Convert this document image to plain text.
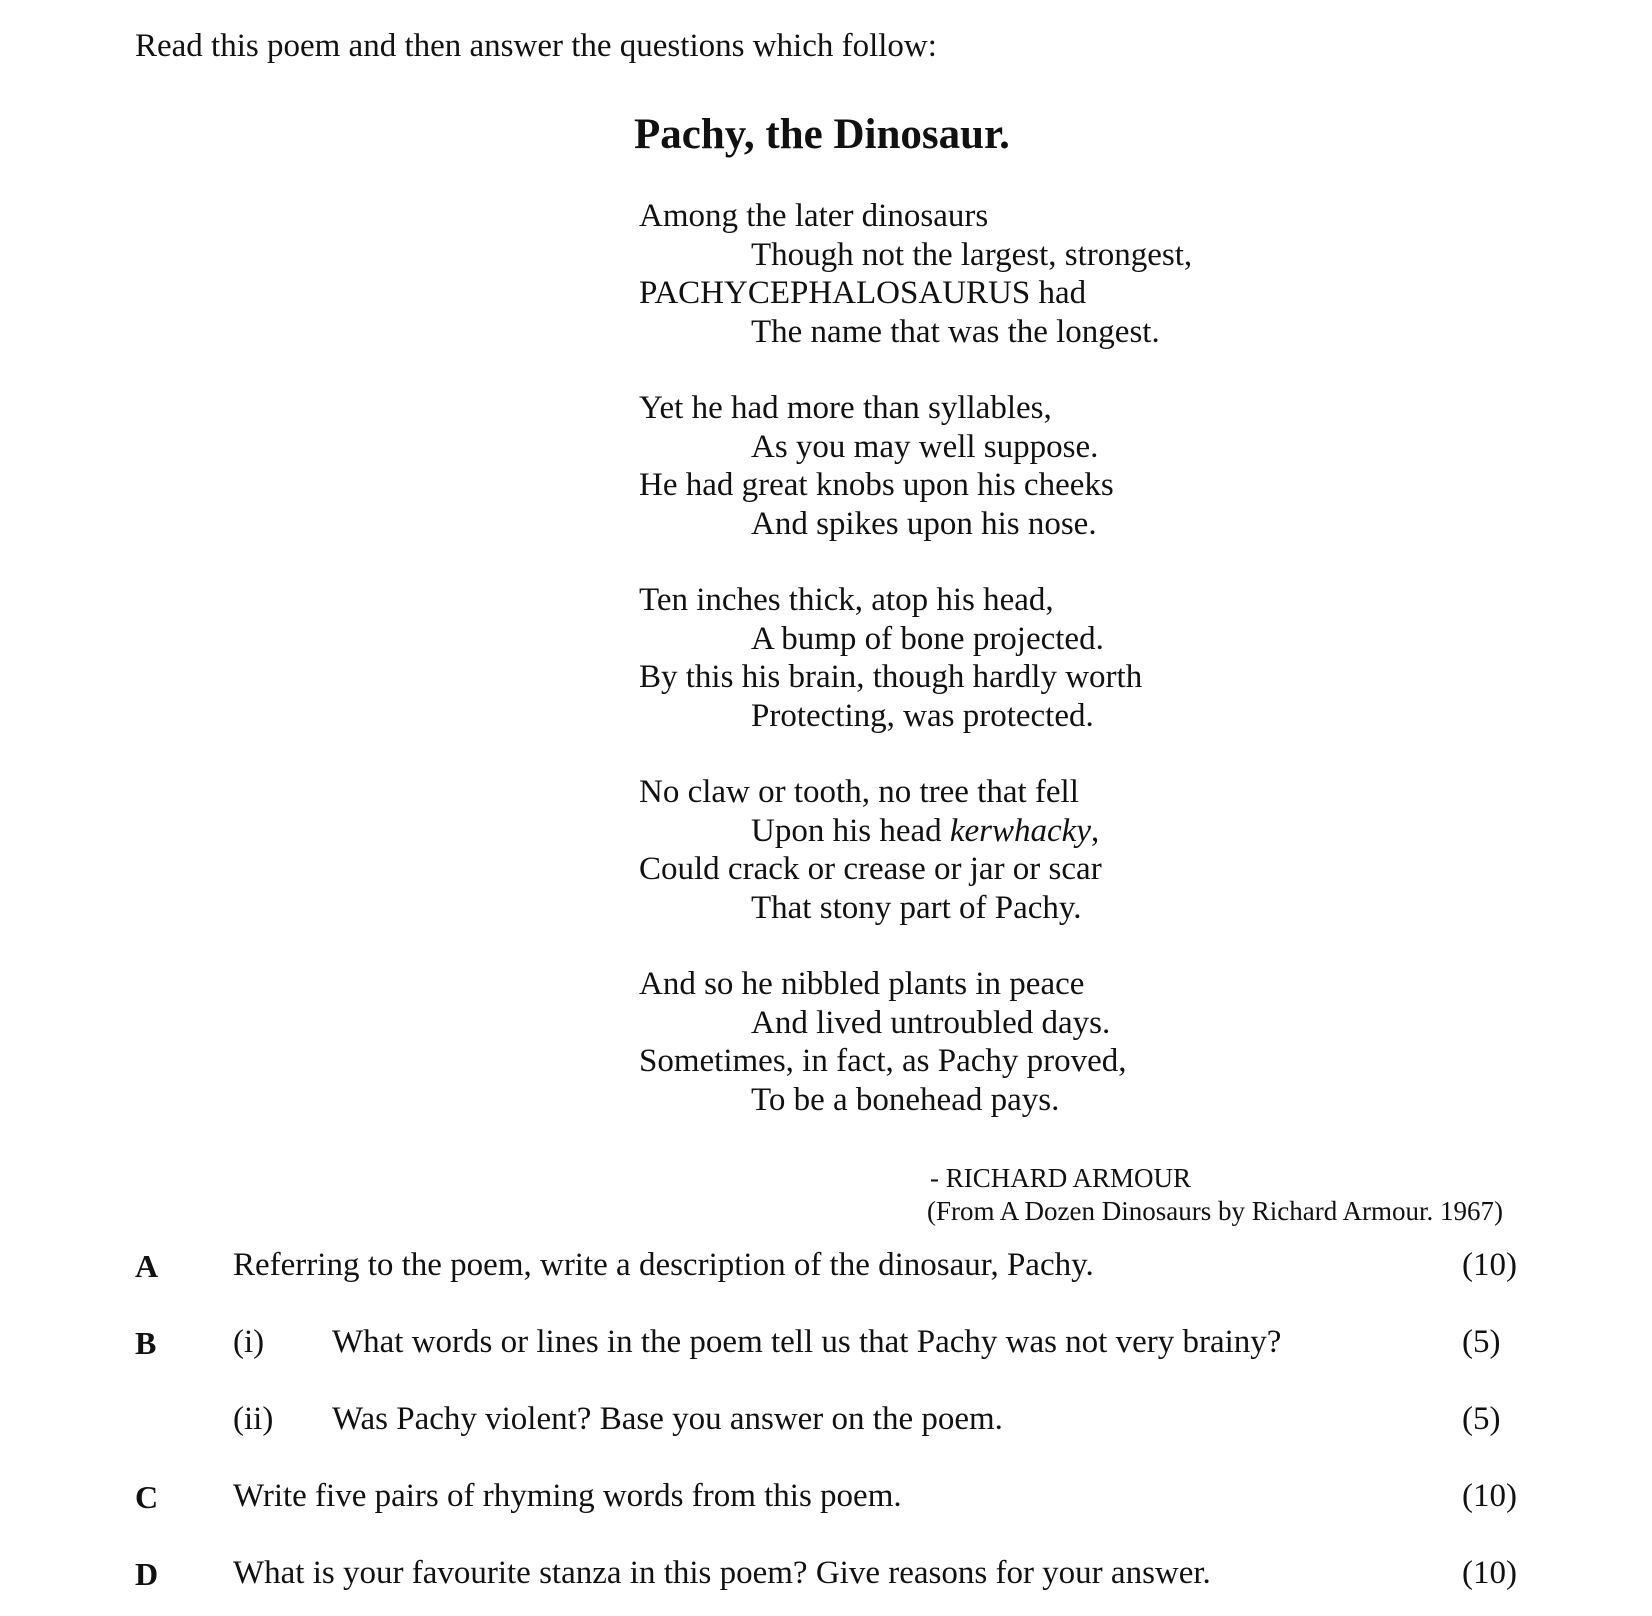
Read this poem and then answer the questions which follow:
Pachy, the Dinosaur.
Among the later dinosaurs
Though not the largest, strongest,
PACHYCEPHALOSAURUS had
The name that was the longest.
Yet he had more than syllables,
As you may well suppose.
He had great knobs upon his cheeks
And spikes upon his nose.
Ten inches thick, atop his head,
A bump of bone projected.
By this his brain, though hardly worth
Protecting, was protected.
No claw or tooth, no tree that fell
Upon his head kerwhacky,
Could crack or crease or jar or scar
That stony part of Pachy.
And so he nibbled plants in peace
And lived untroubled days.
Sometimes, in fact, as Pachy proved,
To be a bonehead pays.
- RICHARD ARMOUR
(From A Dozen Dinosaurs by Richard Armour. 1967)
A Referring to the poem, write a description of the dinosaur, Pachy.	(10)
B (i) What words or lines in the poem tell us that Pachy was not very brainy?	(5)
(ii) Was Pachy violent? Base you answer on the poem.	(5)
C Write five pairs of rhyming words from this poem.	(10)
D What is your favourite stanza in this poem? Give reasons for your answer.	(10)
